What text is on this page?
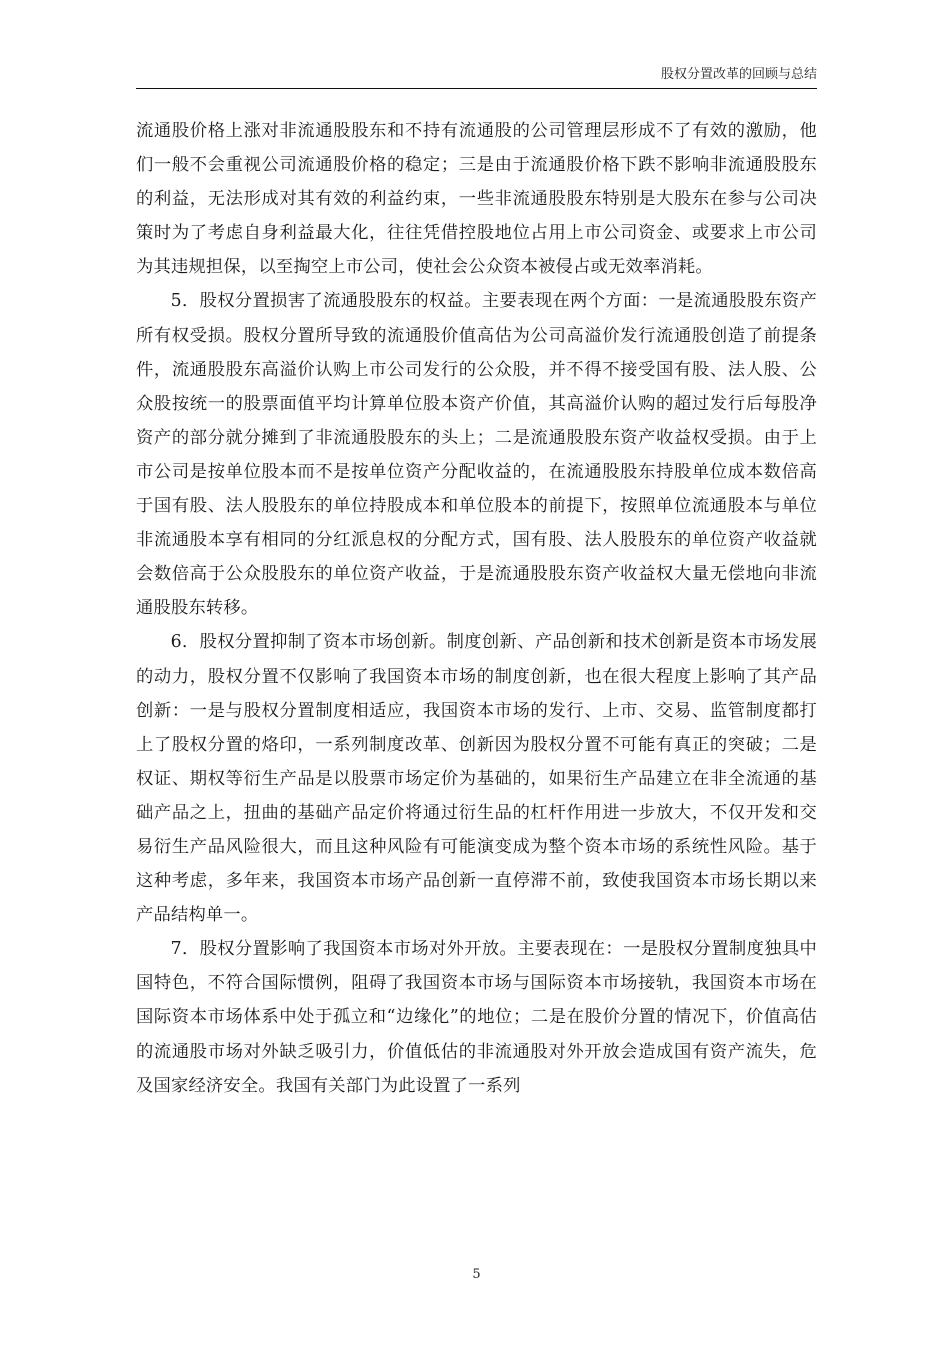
股权分置改革的回顾与总结

流通股价格上涨对非流通股股东和不持有流通股的公司管理层形成不了有效的激励，他们一般不会重视公司流通股价格的稳定；三是由于流通股价格下跌不影响非流通股股东的利益，无法形成对其有效的利益约束，一些非流通股股东特别是大股东在参与公司决策时为了考虑自身利益最大化，往往凭借控股地位占用上市公司资金、或要求上市公司为其违规担保，以至掏空上市公司，使社会公众资本被侵占或无效率消耗。

5．股权分置损害了流通股股东的权益。主要表现在两个方面：一是流通股股东资产所有权受损。股权分置所导致的流通股价值高估为公司高溢价发行流通股创造了前提条件，流通股股东高溢价认购上市公司发行的公众股，并不得不接受国有股、法人股、公众股按统一的股票面值平均计算单位股本资产价值，其高溢价认购的超过发行后每股净资产的部分就分摊到了非流通股股东的头上；二是流通股股东资产收益权受损。由于上市公司是按单位股本而不是按单位资产分配收益的，在流通股股东持股单位成本数倍高于国有股、法人股股东的单位持股成本和单位股本的前提下，按照单位流通股本与单位非流通股本享有相同的分红派息权的分配方式，国有股、法人股股东的单位资产收益就会数倍高于公众股股东的单位资产收益，于是流通股股东资产收益权大量无偿地向非流通股股东转移。

6．股权分置抑制了资本市场创新。制度创新、产品创新和技术创新是资本市场发展的动力，股权分置不仅影响了我国资本市场的制度创新，也在很大程度上影响了其产品创新：一是与股权分置制度相适应，我国资本市场的发行、上市、交易、监管制度都打上了股权分置的烙印，一系列制度改革、创新因为股权分置不可能有真正的突破；二是权证、期权等衍生产品是以股票市场定价为基础的，如果衍生产品建立在非全流通的基础产品之上，扭曲的基础产品定价将通过衍生品的杠杆作用进一步放大，不仅开发和交易衍生产品风险很大，而且这种风险有可能演变成为整个资本市场的系统性风险。基于这种考虑，多年来，我国资本市场产品创新一直停滞不前，致使我国资本市场长期以来产品结构单一。

7．股权分置影响了我国资本市场对外开放。主要表现在：一是股权分置制度独具中国特色，不符合国际惯例，阻碍了我国资本市场与国际资本市场接轨，我国资本市场在国际资本市场体系中处于孤立和“边缘化”的地位；二是在股价分置的情况下，价值高估的流通股市场对外缺乏吸引力，价值低估的非流通股对外开放会造成国有资产流失，危及国家经济安全。我国有关部门为此设置了一系列

5
